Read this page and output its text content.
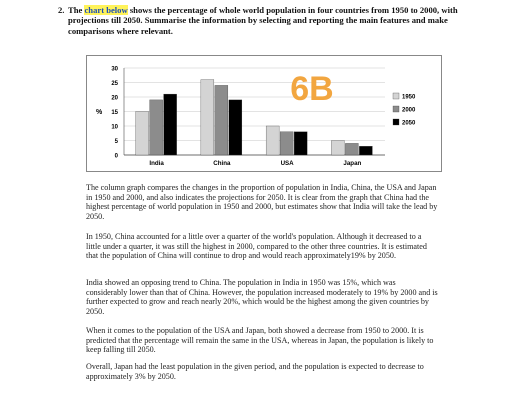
2. The chart below shows the percentage of whole world population in four countries from 1950 to 2000, with projections till 2050. Summarise the information by selecting and reporting the main features and make comparisons where relevant.
0
5
10
15
20
25
30
%
India	China	USA	Japan
6B	1950
2000
2050
The column graph compares the changes in the proportion of population in India, China, the USA and Japan in 1950 and 2000, and also indicates the projections for 2050. It is clear from the graph that China had the highest percentage of world population in 1950 and 2000, but estimates show that India will take the lead by 2050.
In 1950, China accounted for a little over a quarter of the world's population. Although it decreased to a little under a quarter, it was still the highest in 2000, compared to the other three countries. It is estimated that the population of China will continue to drop and would reach approximately19% by 2050.
India showed an opposing trend to China. The population in India in 1950 was 15%, which was considerably lower than that of China. However, the population increased moderately to 19% by 2000 and is further expected to grow and reach nearly 20%, which would be the highest among the given countries by 2050.
When it comes to the population of the USA and Japan, both showed a decrease from 1950 to 2000. It is predicted that the percentage will remain the same in the USA, whereas in Japan, the population is likely to keep falling till 2050.
Overall, Japan had the least population in the given period, and the population is expected to decrease to approximately 3% by 2050.
